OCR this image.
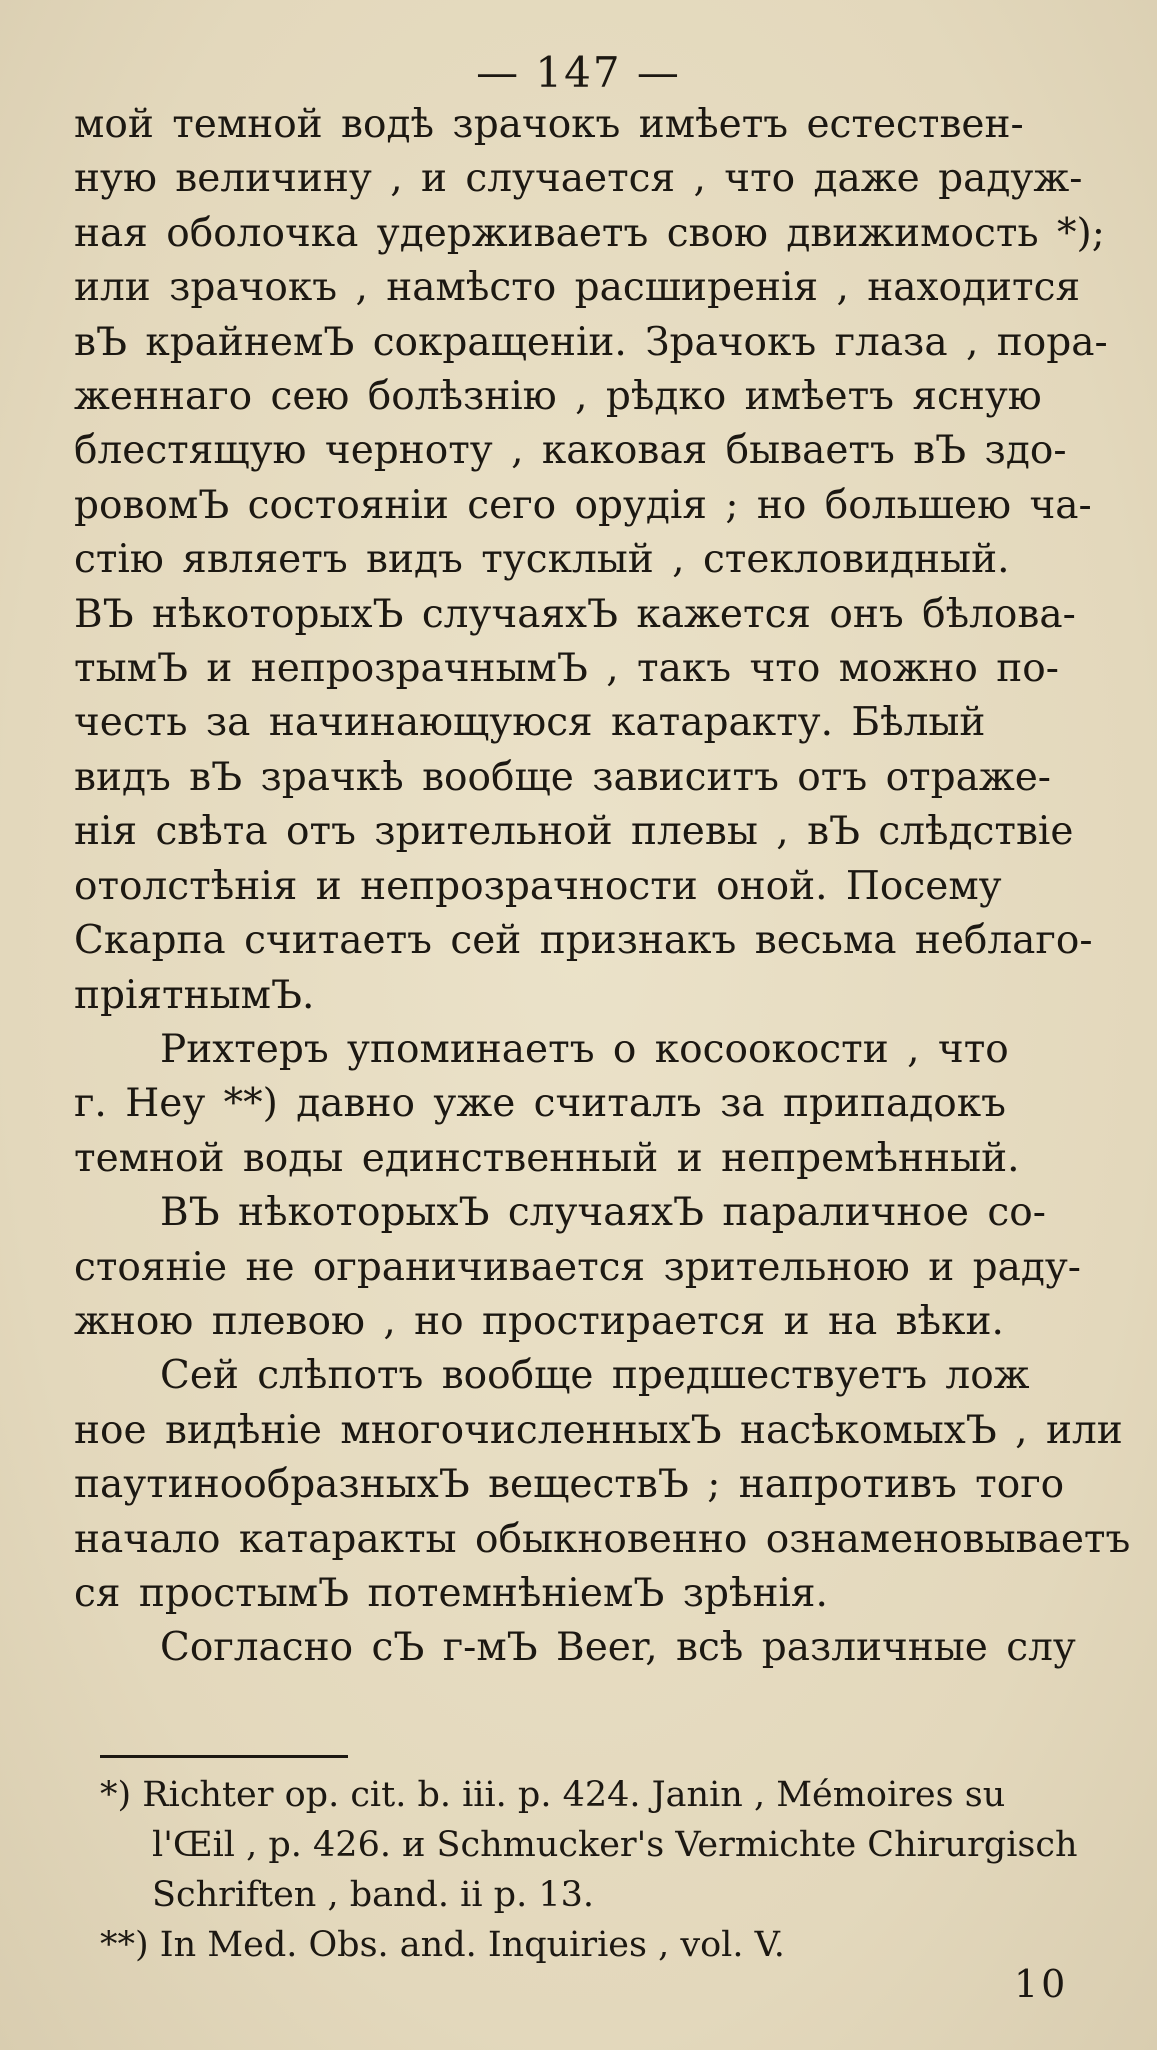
— 147 —
мой темной водѣ зрачокъ имѣетъ естествен-
ную величину , и случается , что даже радуж-
ная оболочка удерживаетъ свою движимость *);
или зрачокъ , намѣсто расширенія , находится
вЪ крайнемЪ сокращеніи. Зрачокъ глаза , пора-
женнаго сею болѣзнію , рѣдко имѣетъ ясную
блестящую черноту , каковая бываетъ вЪ здо-
ровомЪ состояніи сего орудія ; но большею ча-
стію являетъ видъ тусклый , стекловидный.
ВЪ нѣкоторыхЪ случаяхЪ кажется онъ бѣлова-
тымЪ и непрозрачнымЪ , такъ что можно по-
честь за начинающуюся катаракту. Бѣлый
видъ вЪ зрачкѣ вообще зависитъ отъ отраже-
нія свѣта отъ зрительной плевы , вЪ слѣдствіе
отолстѣнія и непрозрачности оной. Посему
Скарпа считаетъ сей признакъ весьма неблаго-
пріятнымЪ.
Рихтеръ упоминаетъ о косоокости , что
г. Неу **) давно уже считалъ за припадокъ
темной воды единственный и непремѣнный.
ВЪ нѣкоторыхЪ случаяхЪ параличное со-
стояніе не ограничивается зрительною и раду-
жною плевою , но простирается и на вѣки.
Сей слѣпотъ вообще предшествуетъ лож
ное видѣніе многочисленныхЪ насѣкомыхЪ , или
паутинообразныхЪ веществЪ ; напротивъ того
начало катаракты обыкновенно ознаменовываетъ
ся простымЪ потемнѣніемЪ зрѣнія.
Согласно сЪ г-мЪ Beer, всѣ различные слу
*) Richter op. cit. b. iii. p. 424. Janin , Mémoires su
l'Œil , p. 426. и Schmucker's Vermichte Chirurgisch
Schriften , band. ii p. 13.
**) In Med. Obs. and. Inquiries , vol. V.
10
